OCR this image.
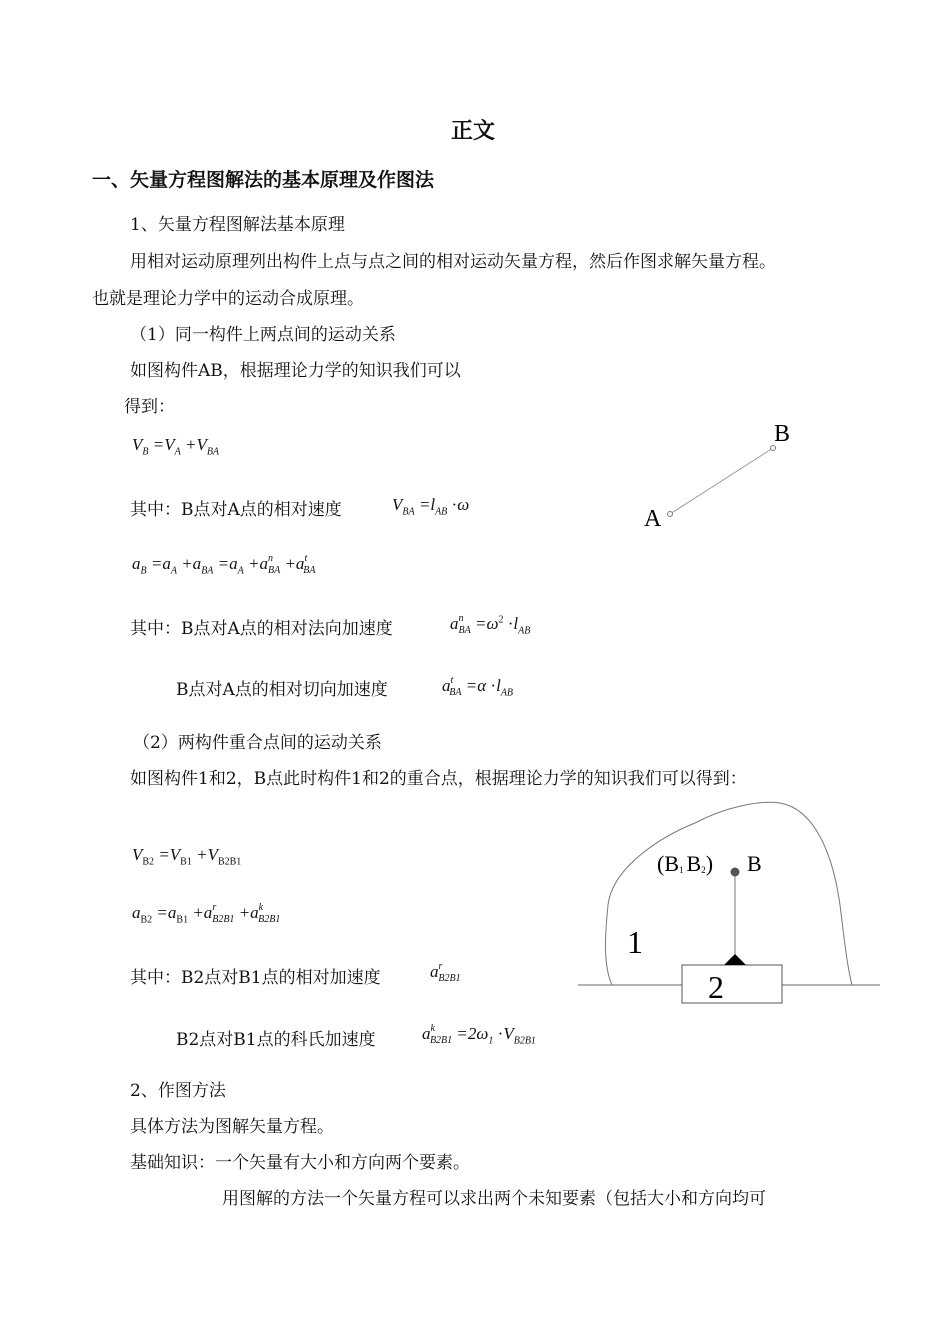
正文
一、矢量方程图解法的基本原理及作图法
1、矢量方程图解法基本原理
用相对运动原理列出构件上点与点之间的相对运动矢量方程，然后作图求解矢量方程。
也就是理论力学中的运动合成原理。
（1）同一构件上两点间的运动关系
如图构件AB，根据理论力学的知识我们可以
得到：
$V_B =V_A +V_{BA}$
其中：B点对A点的相对速度	$V_{BA} =l_{AB} \cdot\omega$
$a_B =a_A +a_{BA} =a_A +a^n_{BA} +a^t_{BA}$
其中：B点对A点的相对法向加速度	$a^n_{BA} =\omega^2 \cdot l_{AB}$
B点对A点的相对切向加速度	$a^t_{BA} =\alpha \cdot l_{AB}$
A
B
（2）两构件重合点间的运动关系
如图构件1和2，B点此时构件1和2的重合点，根据理论力学的知识我们可以得到：
$V_{B2} =V_{B1} +V_{B2B1}$
$a_{B2} =a_{B1} +a^r_{B2B1} +a^k_{B2B1}$
其中：B2点对B1点的相对加速度	$a^r_{B2B1}$
B2点对B1点的科氏加速度	$a^k_{B2B1} =2\omega_1 \cdot V_{B2B1}$
(B1 B2) B
1
2
2、作图方法
具体方法为图解矢量方程。
基础知识：一个矢量有大小和方向两个要素。
用图解的方法一个矢量方程可以求出两个未知要素（包括大小和方向均可
